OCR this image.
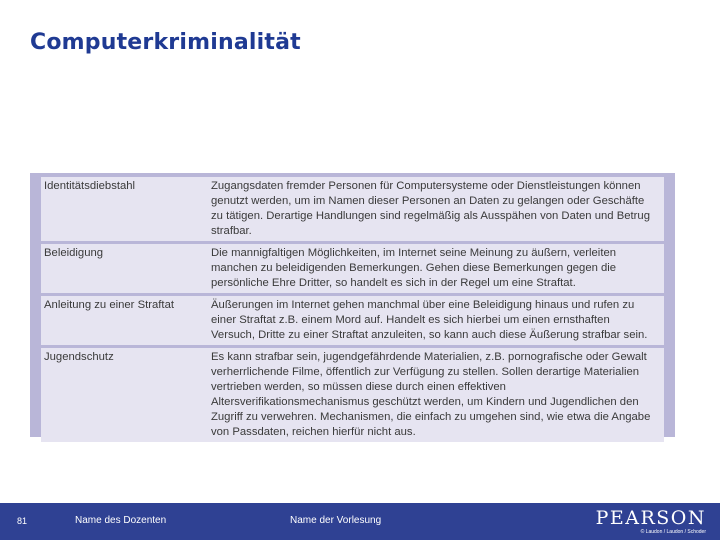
Computerkriminalität
Identitätsdiebstahl	Zugangsdaten fremder Personen für Computersysteme oder Dienstleistungen können genutzt werden, um im Namen dieser Personen an Daten zu gelangen oder Geschäfte zu tätigen. Derartige Handlungen sind regelmäßig als Ausspähen von Daten und Betrug strafbar.
Beleidigung	Die mannigfaltigen Möglichkeiten, im Internet seine Meinung zu äußern, verleiten manchen zu beleidigenden Bemerkungen. Gehen diese Bemerkungen gegen die persönliche Ehre Dritter, so handelt es sich in der Regel um eine Straftat.
Anleitung zu einer Straftat	Äußerungen im Internet gehen manchmal über eine Beleidigung hinaus und rufen zu einer Straftat z.B. einem Mord auf. Handelt es sich hierbei um einen ernsthaften Versuch, Dritte zu einer Straftat anzuleiten, so kann auch diese Äußerung strafbar sein.
Jugendschutz	Es kann strafbar sein, jugendgefährdende Materialien, z.B. pornografische oder Gewalt verherrlichende Filme, öffentlich zur Verfügung zu stellen. Sollen derartige Materialien vertrieben werden, so müssen diese durch einen effektiven Altersverifikationsmechanismus geschützt werden, um Kindern und Jugendlichen den Zugriff zu verwehren. Mechanismen, die einfach zu umgehen sind, wie etwa die Angabe von Passdaten, reichen hierfür nicht aus.
81	Name des Dozenten	Name der Vorlesung	PEARSON
© Laudon / Laudon / Schoder
